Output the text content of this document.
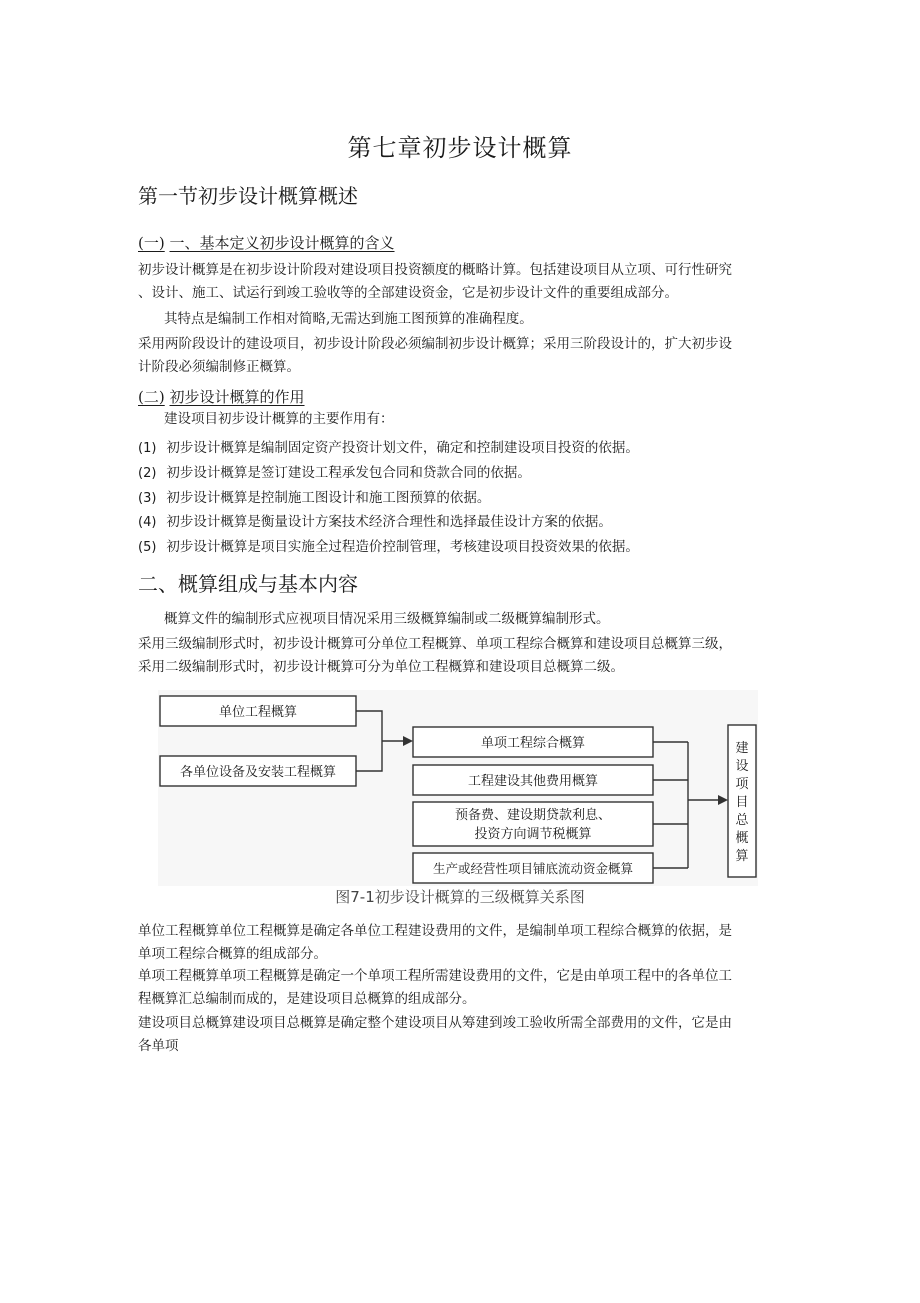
第七章初步设计概算
第一节初步设计概算概述
(一) 一、基本定义初步设计概算的含义
初步设计概算是在初步设计阶段对建设项目投资额度的概略计算。包括建设项目从立项、可行性研究
、设计、施工、试运行到竣工验收等的全部建设资金，它是初步设计文件的重要组成部分。
其特点是编制工作相对简略,无需达到施工图预算的准确程度。
采用两阶段设计的建设项目，初步设计阶段必须编制初步设计概算；采用三阶段设计的，扩大初步设
计阶段必须编制修正概算。
(二) 初步设计概算的作用
建设项目初步设计概算的主要作用有：
(1) 初步设计概算是编制固定资产投资计划文件，确定和控制建设项目投资的依据。
(2) 初步设计概算是签订建设工程承发包合同和贷款合同的依据。
(3) 初步设计概算是控制施工图设计和施工图预算的依据。
(4) 初步设计概算是衡量设计方案技术经济合理性和选择最佳设计方案的依据。
(5) 初步设计概算是项目实施全过程造价控制管理，考核建设项目投资效果的依据。
二、概算组成与基本内容
概算文件的编制形式应视项目情况采用三级概算编制或二级概算编制形式。
采用三级编制形式时，初步设计概算可分单位工程概算、单项工程综合概算和建设项目总概算三级，
采用二级编制形式时，初步设计概算可分为单位工程概算和建设项目总概算二级。
单位工程概算
各单位设备及安装工程概算
单项工程综合概算
工程建设其他费用概算
预备费、建设期贷款利息、
投资方向调节税概算
生产或经营性项目铺底流动资金概算
建
设
项
目
总
概
算
图7-1初步设计概算的三级概算关系图
单位工程概算单位工程概算是确定各单位工程建设费用的文件，是编制单项工程综合概算的依据，是
单项工程综合概算的组成部分。
单项工程概算单项工程概算是确定一个单项工程所需建设费用的文件，它是由单项工程中的各单位工
程概算汇总编制而成的，是建设项目总概算的组成部分。
建设项目总概算建设项目总概算是确定整个建设项目从筹建到竣工验收所需全部费用的文件，它是由
各单项
